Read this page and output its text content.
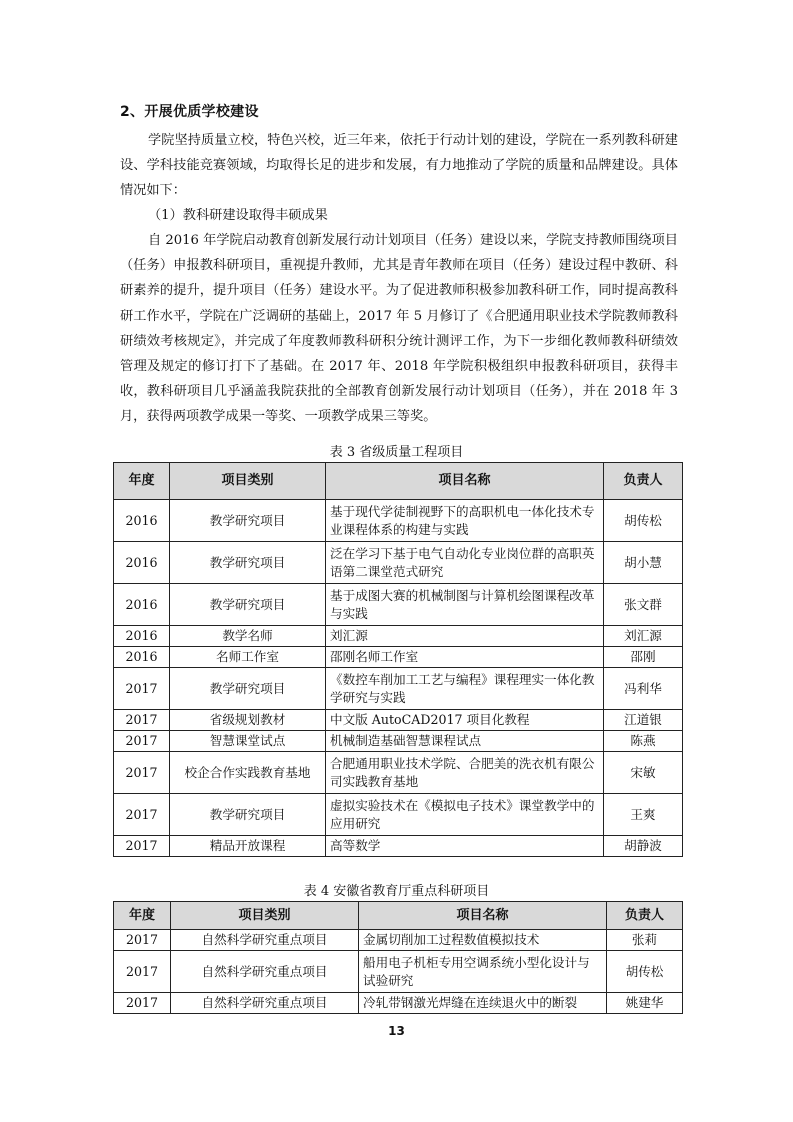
2、开展优质学校建设

学院坚持质量立校，特色兴校，近三年来，依托于行动计划的建设，学院在一系列教科研建设、学科技能竞赛领域，均取得长足的进步和发展，有力地推动了学院的质量和品牌建设。具体情况如下：

（1）教科研建设取得丰硕成果

自 2016 年学院启动教育创新发展行动计划项目（任务）建设以来，学院支持教师围绕项目（任务）申报教科研项目，重视提升教师，尤其是青年教师在项目（任务）建设过程中教研、科研素养的提升，提升项目（任务）建设水平。为了促进教师积极参加教科研工作，同时提高教科研工作水平，学院在广泛调研的基础上，2017 年 5 月修订了《合肥通用职业技术学院教师教科研绩效考核规定》，并完成了年度教师教科研积分统计测评工作，为下一步细化教师教科研绩效管理及规定的修订打下了基础。在 2017 年、2018 年学院积极组织申报教科研项目，获得丰收，教科研项目几乎涵盖我院获批的全部教育创新发展行动计划项目（任务），并在 2018 年 3 月，获得两项教学成果一等奖、一项教学成果三等奖。

表 3 省级质量工程项目
年度	项目类别	项目名称	负责人
2016	教学研究项目	基于现代学徒制视野下的高职机电一体化技术专业课程体系的构建与实践	胡传松
2016	教学研究项目	泛在学习下基于电气自动化专业岗位群的高职英语第二课堂范式研究	胡小慧
2016	教学研究项目	基于成图大赛的机械制图与计算机绘图课程改革与实践	张文群
2016	教学名师	刘汇源	刘汇源
2016	名师工作室	邵刚名师工作室	邵刚
2017	教学研究项目	《数控车削加工工艺与编程》课程理实一体化教学研究与实践	冯利华
2017	省级规划教材	中文版 AutoCAD2017 项目化教程	江道银
2017	智慧课堂试点	机械制造基础智慧课程试点	陈燕
2017	校企合作实践教育基地	合肥通用职业技术学院、合肥美的洗衣机有限公司实践教育基地	宋敏
2017	教学研究项目	虚拟实验技术在《模拟电子技术》课堂教学中的应用研究	王爽
2017	精品开放课程	高等数学	胡静波
表 4 安徽省教育厅重点科研项目
年度	项目类别	项目名称	负责人
2017	自然科学研究重点项目	金属切削加工过程数值模拟技术	张莉
2017	自然科学研究重点项目	船用电子机柜专用空调系统小型化设计与试验研究	胡传松
2017	自然科学研究重点项目	冷轧带钢激光焊缝在连续退火中的断裂	姚建华
13
